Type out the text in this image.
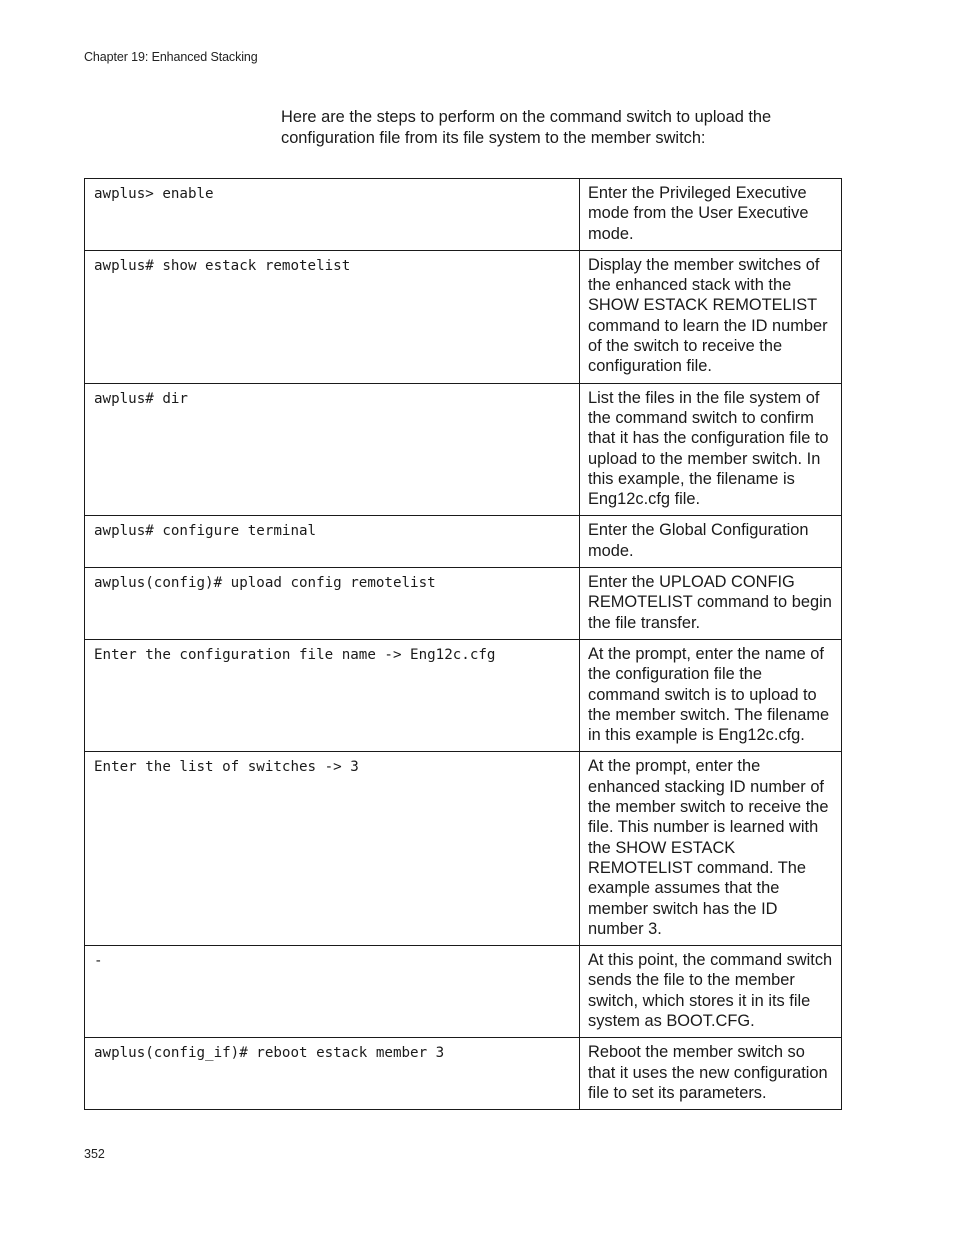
Chapter 19: Enhanced Stacking
Here are the steps to perform on the command switch to upload the configuration file from its file system to the member switch:
awplus> enable	Enter the Privileged Executive mode from the User Executive mode.
awplus# show estack remotelist	Display the member switches of the enhanced stack with the SHOW ESTACK REMOTELIST command to learn the ID number of the switch to receive the configuration file.
awplus# dir	List the files in the file system of the command switch to confirm that it has the configuration file to upload to the member switch. In this example, the filename is Eng12c.cfg file.
awplus# configure terminal	Enter the Global Configuration mode.
awplus(config)# upload config remotelist	Enter the UPLOAD CONFIG REMOTELIST command to begin the file transfer.
Enter the configuration file name -> Eng12c.cfg	At the prompt, enter the name of the configuration file the command switch is to upload to the member switch. The filename in this example is Eng12c.cfg.
Enter the list of switches -> 3	At the prompt, enter the enhanced stacking ID number of the member switch to receive the file. This number is learned with the SHOW ESTACK REMOTELIST command. The example assumes that the member switch has the ID number 3.
-	At this point, the command switch sends the file to the member switch, which stores it in its file system as BOOT.CFG.
awplus(config_if)# reboot estack member 3	Reboot the member switch so that it uses the new configuration file to set its parameters.
352
